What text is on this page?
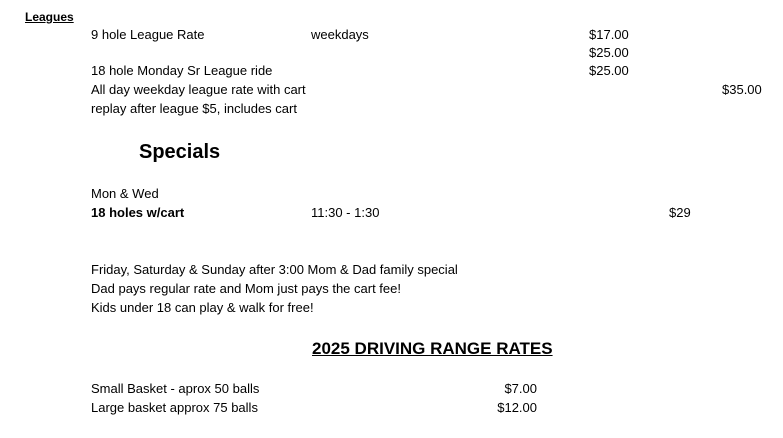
Leagues
9 hole League Rate	weekdays	$17.00
$25.00
18 hole Monday Sr League ride	$25.00
All day weekday league rate with cart	$35.00
replay after league $5, includes cart
Specials
Mon & Wed
18 holes w/cart	11:30 - 1:30	$29
Friday, Saturday & Sunday after 3:00 Mom & Dad family special
Dad pays regular rate and Mom just pays the cart fee!
Kids under 18 can play & walk for free!
2025 DRIVING RANGE RATES
Small Basket - aprox 50 balls	$7.00
Large basket approx 75 balls	$12.00
